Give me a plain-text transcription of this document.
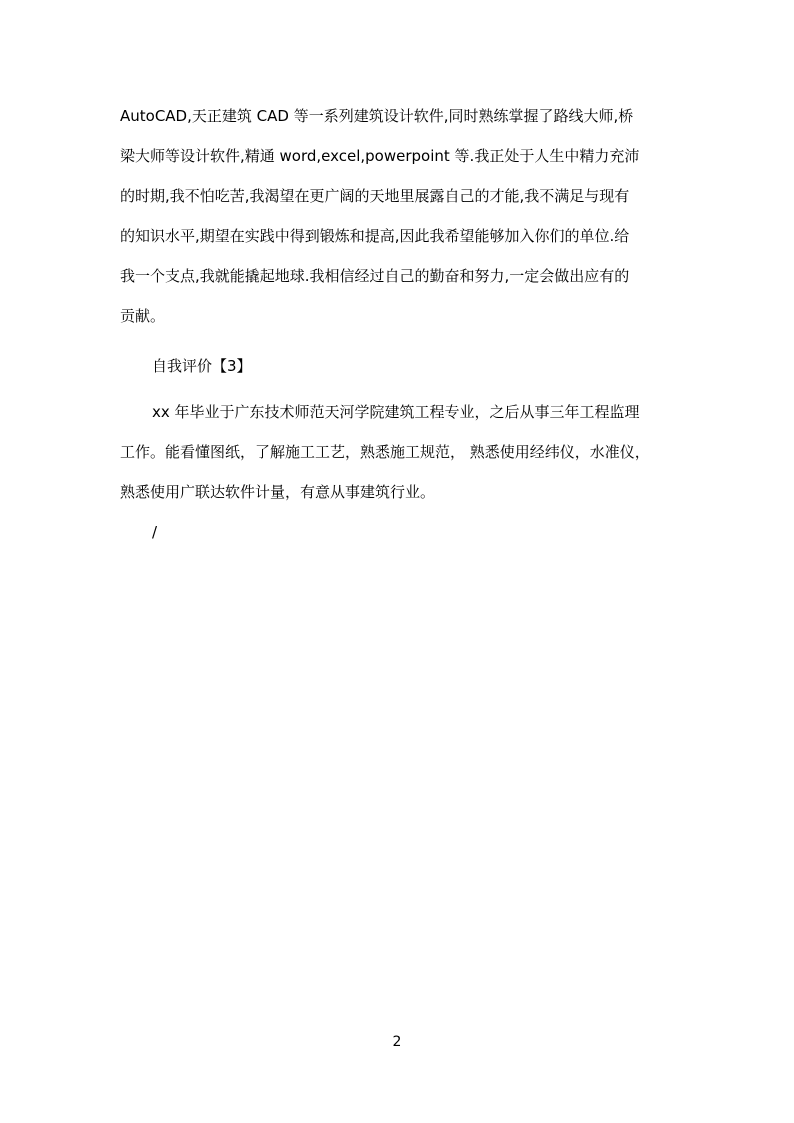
AutoCAD,天正建筑 CAD 等一系列建筑设计软件,同时熟练掌握了路线大师,桥
梁大师等设计软件,精通 word,excel,powerpoint 等.我正处于人生中精力充沛
的时期,我不怕吃苦,我渴望在更广阔的天地里展露自己的才能,我不满足与现有
的知识水平,期望在实践中得到锻炼和提高,因此我希望能够加入你们的单位.给
我一个支点,我就能撬起地球.我相信经过自己的勤奋和努力,一定会做出应有的
贡献。
自我评价【3】
xx 年毕业于广东技术师范天河学院建筑工程专业，之后从事三年工程监理
工作。能看懂图纸，了解施工工艺，熟悉施工规范， 熟悉使用经纬仪，水准仪，
熟悉使用广联达软件计量，有意从事建筑行业。
/
2
